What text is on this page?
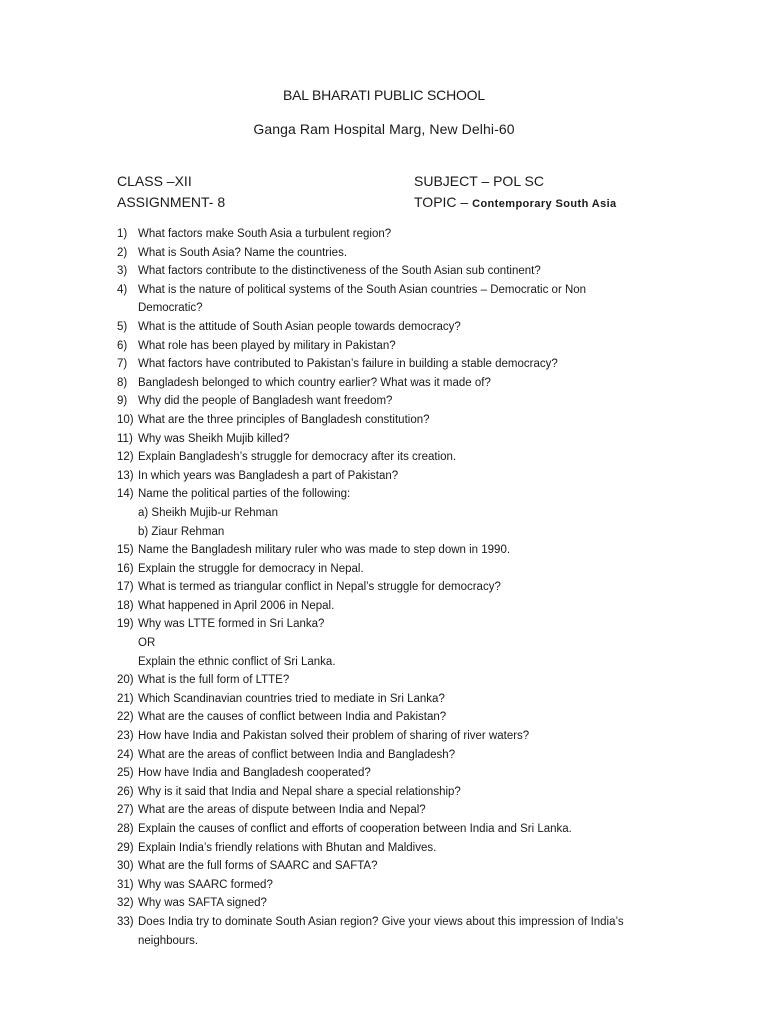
BAL BHARATI PUBLIC SCHOOL
Ganga Ram Hospital Marg, New Delhi-60
CLASS –XII
ASSIGNMENT- 8
SUBJECT – POL SC
TOPIC – Contemporary South Asia
1) What factors make South Asia a turbulent region?
2) What is South Asia? Name the countries.
3) What factors contribute to the distinctiveness of the South Asian sub continent?
4) What is the nature of political systems of the South Asian countries – Democratic or Non
Democratic?
5) What is the attitude of South Asian people towards democracy?
6) What role has been played by military in Pakistan?
7) What factors have contributed to Pakistan’s failure in building a stable democracy?
8) Bangladesh belonged to which country earlier? What was it made of?
9) Why did the people of Bangladesh want freedom?
10) What are the three principles of Bangladesh constitution?
11) Why was Sheikh Mujib killed?
12) Explain Bangladesh’s struggle for democracy after its creation.
13) In which years was Bangladesh a part of Pakistan?
14) Name the political parties of the following:
a) Sheikh Mujib-ur Rehman
b) Ziaur Rehman
15) Name the Bangladesh military ruler who was made to step down in 1990.
16) Explain the struggle for democracy in Nepal.
17) What is termed as triangular conflict in Nepal’s struggle for democracy?
18) What happened in April 2006 in Nepal.
19) Why was LTTE formed in Sri Lanka?
OR
Explain the ethnic conflict of Sri Lanka.
20) What is the full form of LTTE?
21) Which Scandinavian countries tried to mediate in Sri Lanka?
22) What are the causes of conflict between India and Pakistan?
23) How have India and Pakistan solved their problem of sharing of river waters?
24) What are the areas of conflict between India and Bangladesh?
25) How have India and Bangladesh cooperated?
26) Why is it said that India and Nepal share a special relationship?
27) What are the areas of dispute between India and Nepal?
28) Explain the causes of conflict and efforts of cooperation between India and Sri Lanka.
29) Explain India’s friendly relations with Bhutan and Maldives.
30) What are the full forms of SAARC and SAFTA?
31) Why was SAARC formed?
32) Why was SAFTA signed?
33) Does India try to dominate South Asian region? Give your views about this impression of India’s
neighbours.
